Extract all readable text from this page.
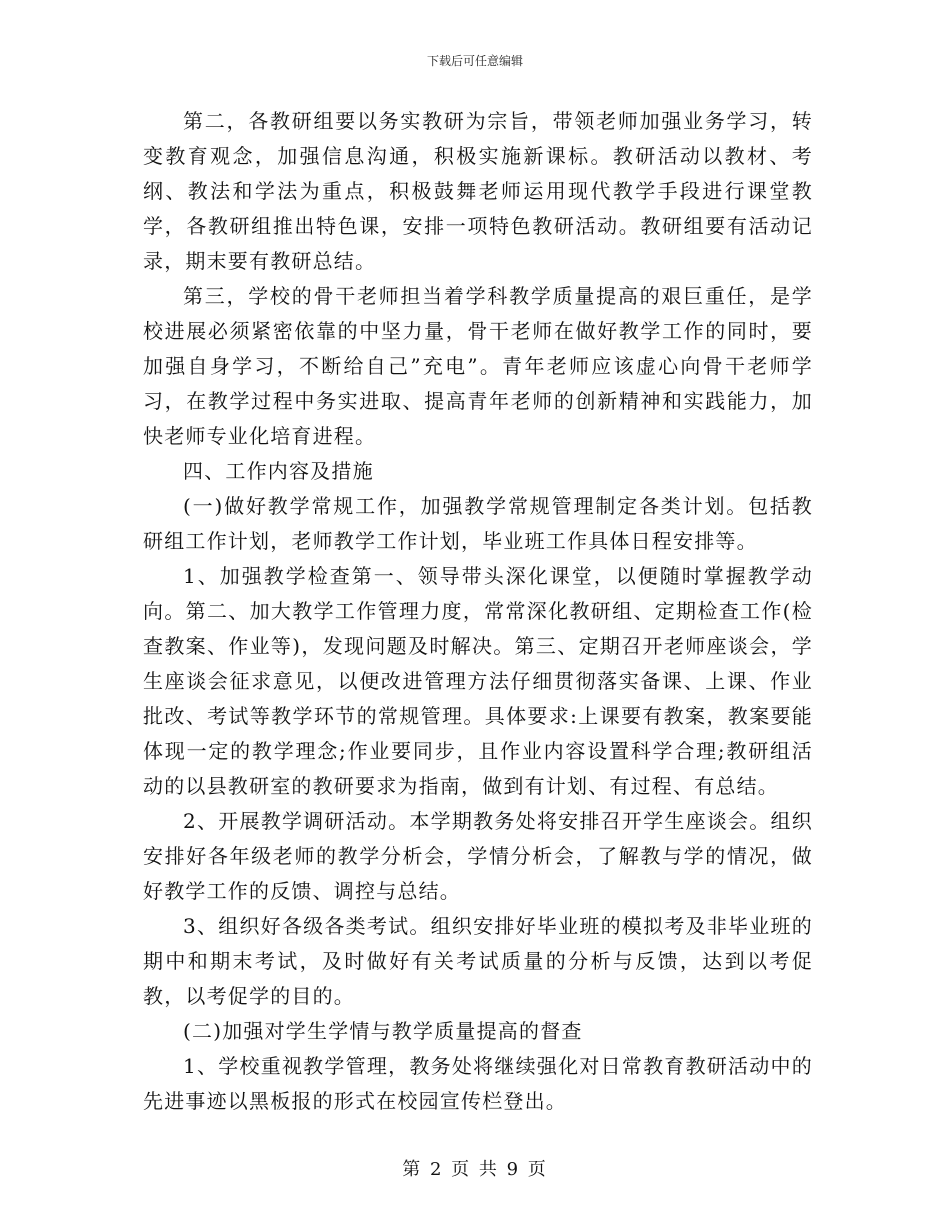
下载后可任意编辑

第二，各教研组要以务实教研为宗旨，带领老师加强业务学习，转变教育观念，加强信息沟通，积极实施新课标。教研活动以教材、考纲、教法和学法为重点，积极鼓舞老师运用现代教学手段进行课堂教学，各教研组推出特色课，安排一项特色教研活动。教研组要有活动记录，期末要有教研总结。

第三，学校的骨干老师担当着学科教学质量提高的艰巨重任，是学校进展必须紧密依靠的中坚力量，骨干老师在做好教学工作的同时，要加强自身学习，不断给自己”充电”。青年老师应该虚心向骨干老师学习，在教学过程中务实进取、提高青年老师的创新精神和实践能力，加快老师专业化培育进程。

四、工作内容及措施

(一)做好教学常规工作，加强教学常规管理制定各类计划。包括教研组工作计划，老师教学工作计划，毕业班工作具体日程安排等。

1、加强教学检查第一、领导带头深化课堂，以便随时掌握教学动向。第二、加大教学工作管理力度，常常深化教研组、定期检查工作(检查教案、作业等)，发现问题及时解决。第三、定期召开老师座谈会，学生座谈会征求意见，以便改进管理方法仔细贯彻落实备课、上课、作业批改、考试等教学环节的常规管理。具体要求:上课要有教案，教案要能体现一定的教学理念;作业要同步，且作业内容设置科学合理;教研组活动的以县教研室的教研要求为指南，做到有计划、有过程、有总结。

2、开展教学调研活动。本学期教务处将安排召开学生座谈会。组织安排好各年级老师的教学分析会，学情分析会，了解教与学的情况，做好教学工作的反馈、调控与总结。

3、组织好各级各类考试。组织安排好毕业班的模拟考及非毕业班的期中和期末考试，及时做好有关考试质量的分析与反馈，达到以考促教，以考促学的目的。

(二)加强对学生学情与教学质量提高的督查

1、学校重视教学管理，教务处将继续强化对日常教育教研活动中的先进事迹以黑板报的形式在校园宣传栏登出。

第 2 页 共 9 页
